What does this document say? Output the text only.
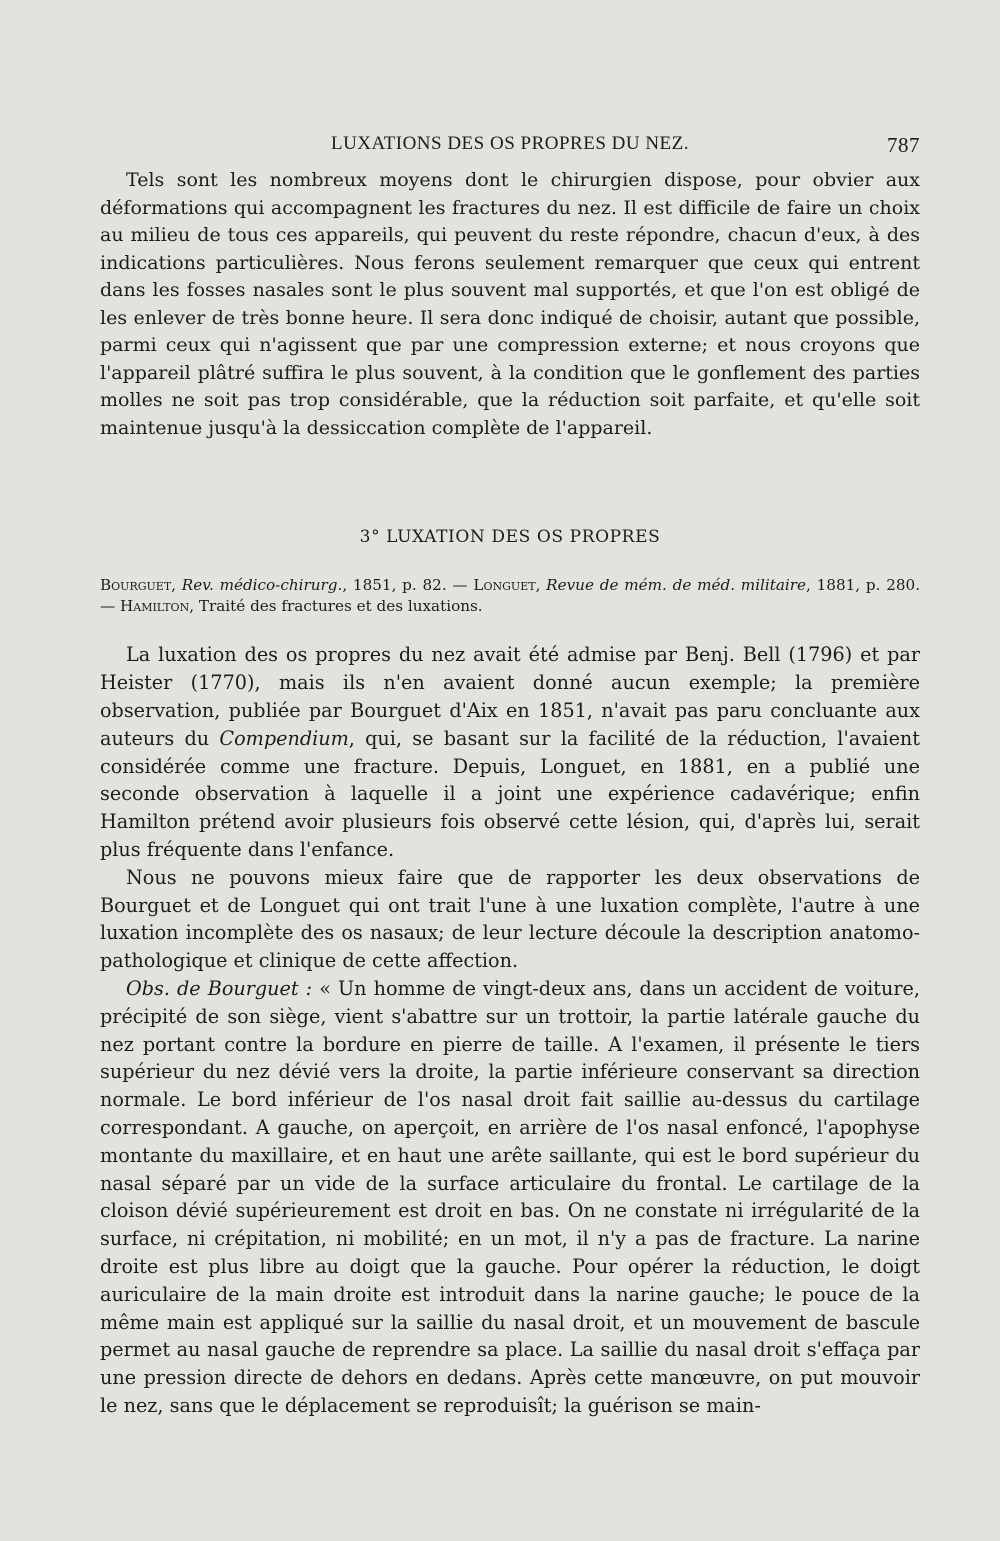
LUXATIONS DES OS PROPRES DU NEZ.	787

Tels sont les nombreux moyens dont le chirurgien dispose, pour obvier aux déformations qui accompagnent les fractures du nez. Il est difficile de faire un choix au milieu de tous ces appareils, qui peuvent du reste répondre, chacun d'eux, à des indications particulières. Nous ferons seulement remarquer que ceux qui entrent dans les fosses nasales sont le plus souvent mal supportés, et que l'on est obligé de les enlever de très bonne heure. Il sera donc indiqué de choisir, autant que possible, parmi ceux qui n'agissent que par une compression externe; et nous croyons que l'appareil plâtré suffira le plus souvent, à la condition que le gonflement des parties molles ne soit pas trop considérable, que la réduction soit parfaite, et qu'elle soit maintenue jusqu'à la dessiccation complète de l'appareil.

3° LUXATION DES OS PROPRES

Bourguet, Rev. médico-chirurg., 1851, p. 82. — Longuet, Revue de mém. de méd. militaire, 1881, p. 280. — Hamilton, Traité des fractures et des luxations.

La luxation des os propres du nez avait été admise par Benj. Bell (1796) et par Heister (1770), mais ils n'en avaient donné aucun exemple; la première observation, publiée par Bourguet d'Aix en 1851, n'avait pas paru concluante aux auteurs du Compendium, qui, se basant sur la facilité de la réduction, l'avaient considérée comme une fracture. Depuis, Longuet, en 1881, en a publié une seconde observation à laquelle il a joint une expérience cadavérique; enfin Hamilton prétend avoir plusieurs fois observé cette lésion, qui, d'après lui, serait plus fréquente dans l'enfance.

Nous ne pouvons mieux faire que de rapporter les deux observations de Bourguet et de Longuet qui ont trait l'une à une luxation complète, l'autre à une luxation incomplète des os nasaux; de leur lecture découle la description anatomo-pathologique et clinique de cette affection.

Obs. de Bourguet : « Un homme de vingt-deux ans, dans un accident de voiture, précipité de son siège, vient s'abattre sur un trottoir, la partie latérale gauche du nez portant contre la bordure en pierre de taille. A l'examen, il présente le tiers supérieur du nez dévié vers la droite, la partie inférieure conservant sa direction normale. Le bord inférieur de l'os nasal droit fait saillie au-dessus du cartilage correspondant. A gauche, on aperçoit, en arrière de l'os nasal enfoncé, l'apophyse montante du maxillaire, et en haut une arête saillante, qui est le bord supérieur du nasal séparé par un vide de la surface articulaire du frontal. Le cartilage de la cloison dévié supérieurement est droit en bas. On ne constate ni irrégularité de la surface, ni crépitation, ni mobilité; en un mot, il n'y a pas de fracture. La narine droite est plus libre au doigt que la gauche. Pour opérer la réduction, le doigt auriculaire de la main droite est introduit dans la narine gauche; le pouce de la même main est appliqué sur la saillie du nasal droit, et un mouvement de bascule permet au nasal gauche de reprendre sa place. La saillie du nasal droit s'effaça par une pression directe de dehors en dedans. Après cette manœuvre, on put mouvoir le nez, sans que le déplacement se reproduisît; la guérison se main-
